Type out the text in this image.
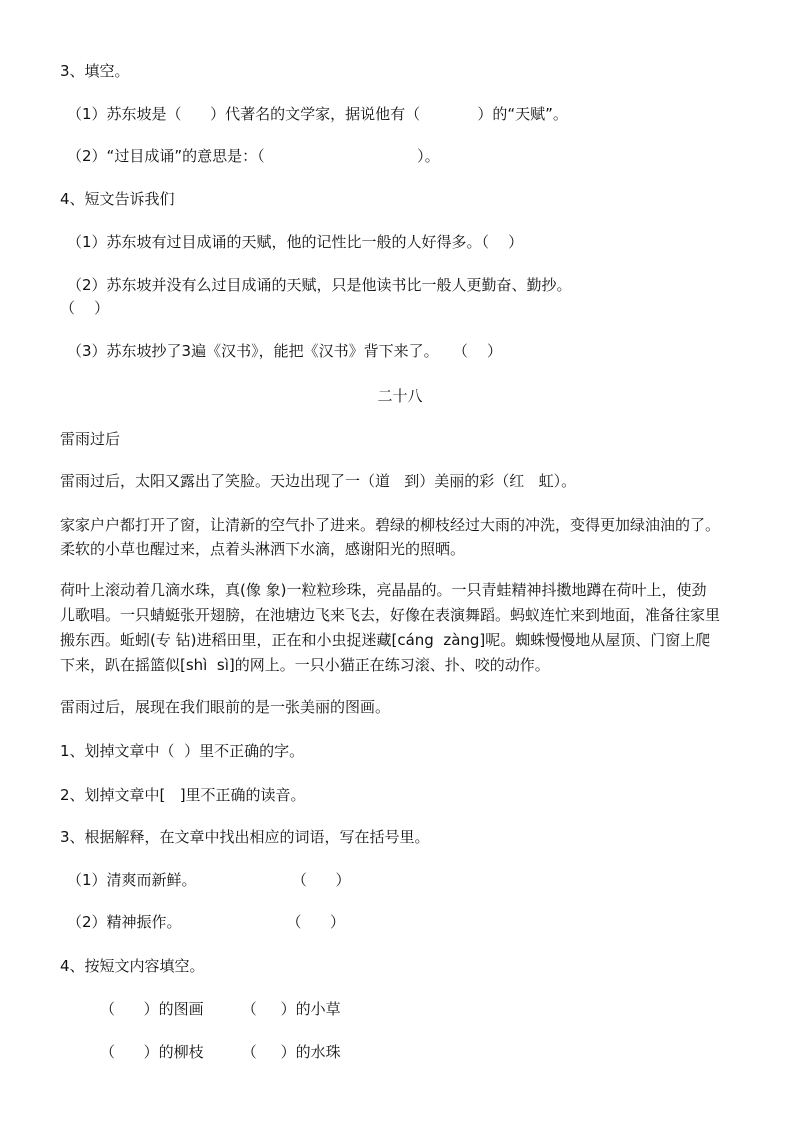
3、填空。
（1）苏东坡是（      ）代著名的文学家，据说他有（            ）的“天赋”。
（2）“过目成诵”的意思是：（                                ）。
4、短文告诉我们
（1）苏东坡有过目成诵的天赋，他的记性比一般的人好得多。（    ）
（2）苏东坡并没有么过目成诵的天赋，只是他读书比一般人更勤奋、勤抄。
（    ）
（3）苏东坡抄了3遍《汉书》，能把《汉书》背下来了。   （    ）
二十八
雷雨过后
雷雨过后，太阳又露出了笑脸。天边出现了一（道   到）美丽的彩（红   虹）。
家家户户都打开了窗，让清新的空气扑了进来。碧绿的柳枝经过大雨的冲洗，变得更加绿油油的了。
柔软的小草也醒过来，点着头淋洒下水滴，感谢阳光的照晒。
荷叶上滚动着几滴水珠，真(像 象)一粒粒珍珠，亮晶晶的。一只青蛙精神抖擞地蹲在荷叶上，使劲
儿歌唱。一只蜻蜓张开翅膀，在池塘边飞来飞去，好像在表演舞蹈。蚂蚁连忙来到地面，准备往家里
搬东西。蚯蚓(专 钻)进稻田里，正在和小虫捉迷藏[cáng  zàng]呢。蜘蛛慢慢地从屋顶、门窗上爬
下来，趴在摇篮似[shì  sì]的网上。一只小猫正在练习滚、扑、咬的动作。
雷雨过后，展现在我们眼前的是一张美丽的图画。
1、划掉文章中（  ）里不正确的字。
2、划掉文章中[   ]里不正确的读音。
3、根据解释，在文章中找出相应的词语，写在括号里。
（1）清爽而新鲜。                    （      ）
（2）精神振作。                      （      ）
4、按短文内容填空。
（      ）的图画        （     ）的小草
（      ）的柳枝        （     ）的水珠
